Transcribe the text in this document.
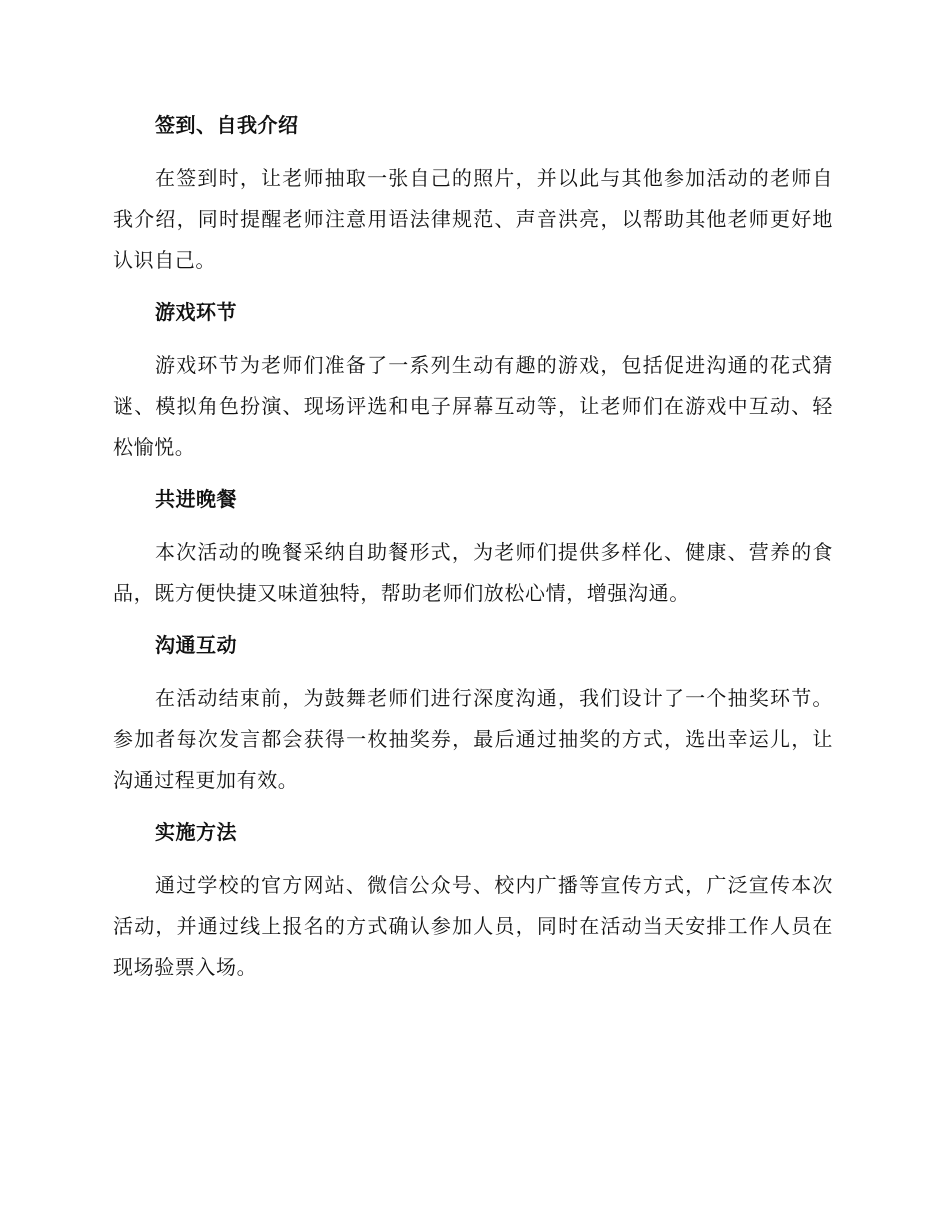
签到、自我介绍

在签到时，让老师抽取一张自己的照片，并以此与其他参加活动的老师自我介绍，同时提醒老师注意用语法律规范、声音洪亮，以帮助其他老师更好地认识自己。

游戏环节

游戏环节为老师们准备了一系列生动有趣的游戏，包括促进沟通的花式猜谜、模拟角色扮演、现场评选和电子屏幕互动等，让老师们在游戏中互动、轻松愉悦。

共进晚餐

本次活动的晚餐采纳自助餐形式，为老师们提供多样化、健康、营养的食品，既方便快捷又味道独特，帮助老师们放松心情，增强沟通。

沟通互动

在活动结束前，为鼓舞老师们进行深度沟通，我们设计了一个抽奖环节。参加者每次发言都会获得一枚抽奖券，最后通过抽奖的方式，选出幸运儿，让沟通过程更加有效。

实施方法

通过学校的官方网站、微信公众号、校内广播等宣传方式，广泛宣传本次活动，并通过线上报名的方式确认参加人员，同时在活动当天安排工作人员在现场验票入场。
